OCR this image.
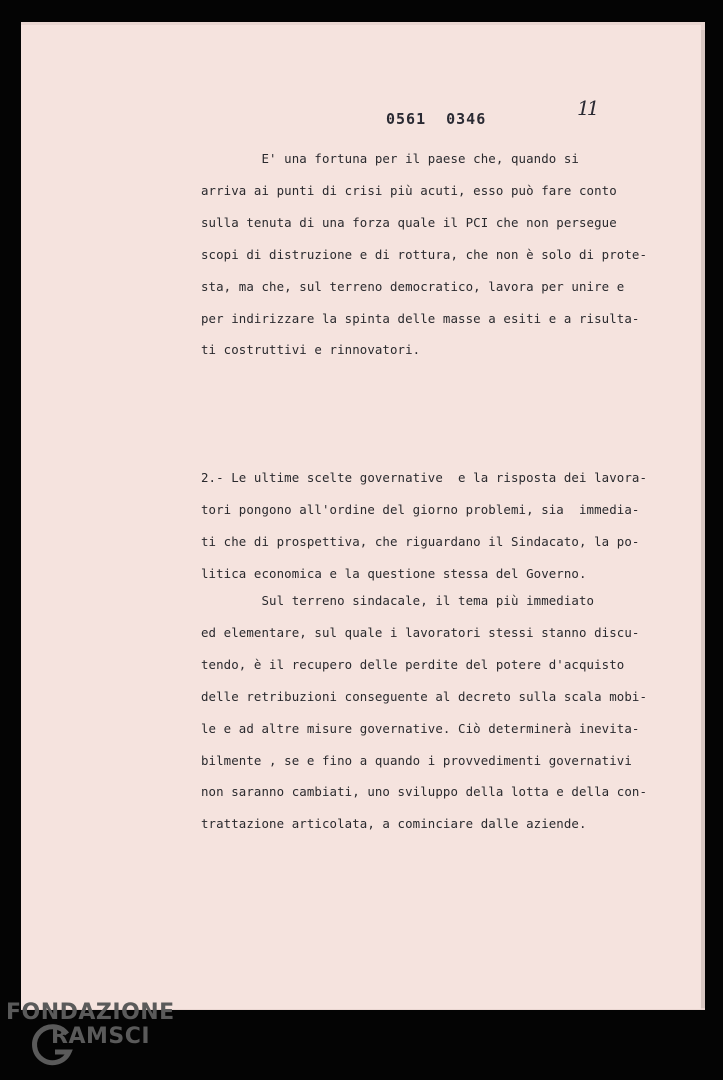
0561 0346	11

E' una fortuna per il paese che, quando si
arriva ai punti di crisi più acuti, esso può fare conto
sulla tenuta di una forza quale il PCI che non persegue
scopi di distruzione e di rottura, che non è solo di prote-
sta, ma che, sul terreno democratico, lavora per unire e
per indirizzare la spinta delle masse a esiti e a risulta-
ti costruttivi e rinnovatori.

2.- Le ultime scelte governative  e la risposta dei lavora-
tori pongono all'ordine del giorno problemi, sia  immedia-
ti che di prospettiva, che riguardano il Sindacato, la po-
litica economica e la questione stessa del Governo.

Sul terreno sindacale, il tema più immediato
ed elementare, sul quale i lavoratori stessi stanno discu-
tendo, è il recupero delle perdite del potere d'acquisto
delle retribuzioni conseguente al decreto sulla scala mobi-
le e ad altre misure governative. Ciò determinerà inevita-
bilmente , se e fino a quando i provvedimenti governativi
non saranno cambiati, uno sviluppo della lotta e della con-
trattazione articolata, a cominciare dalle aziende.

FONDAZIONE
RAMSCI
